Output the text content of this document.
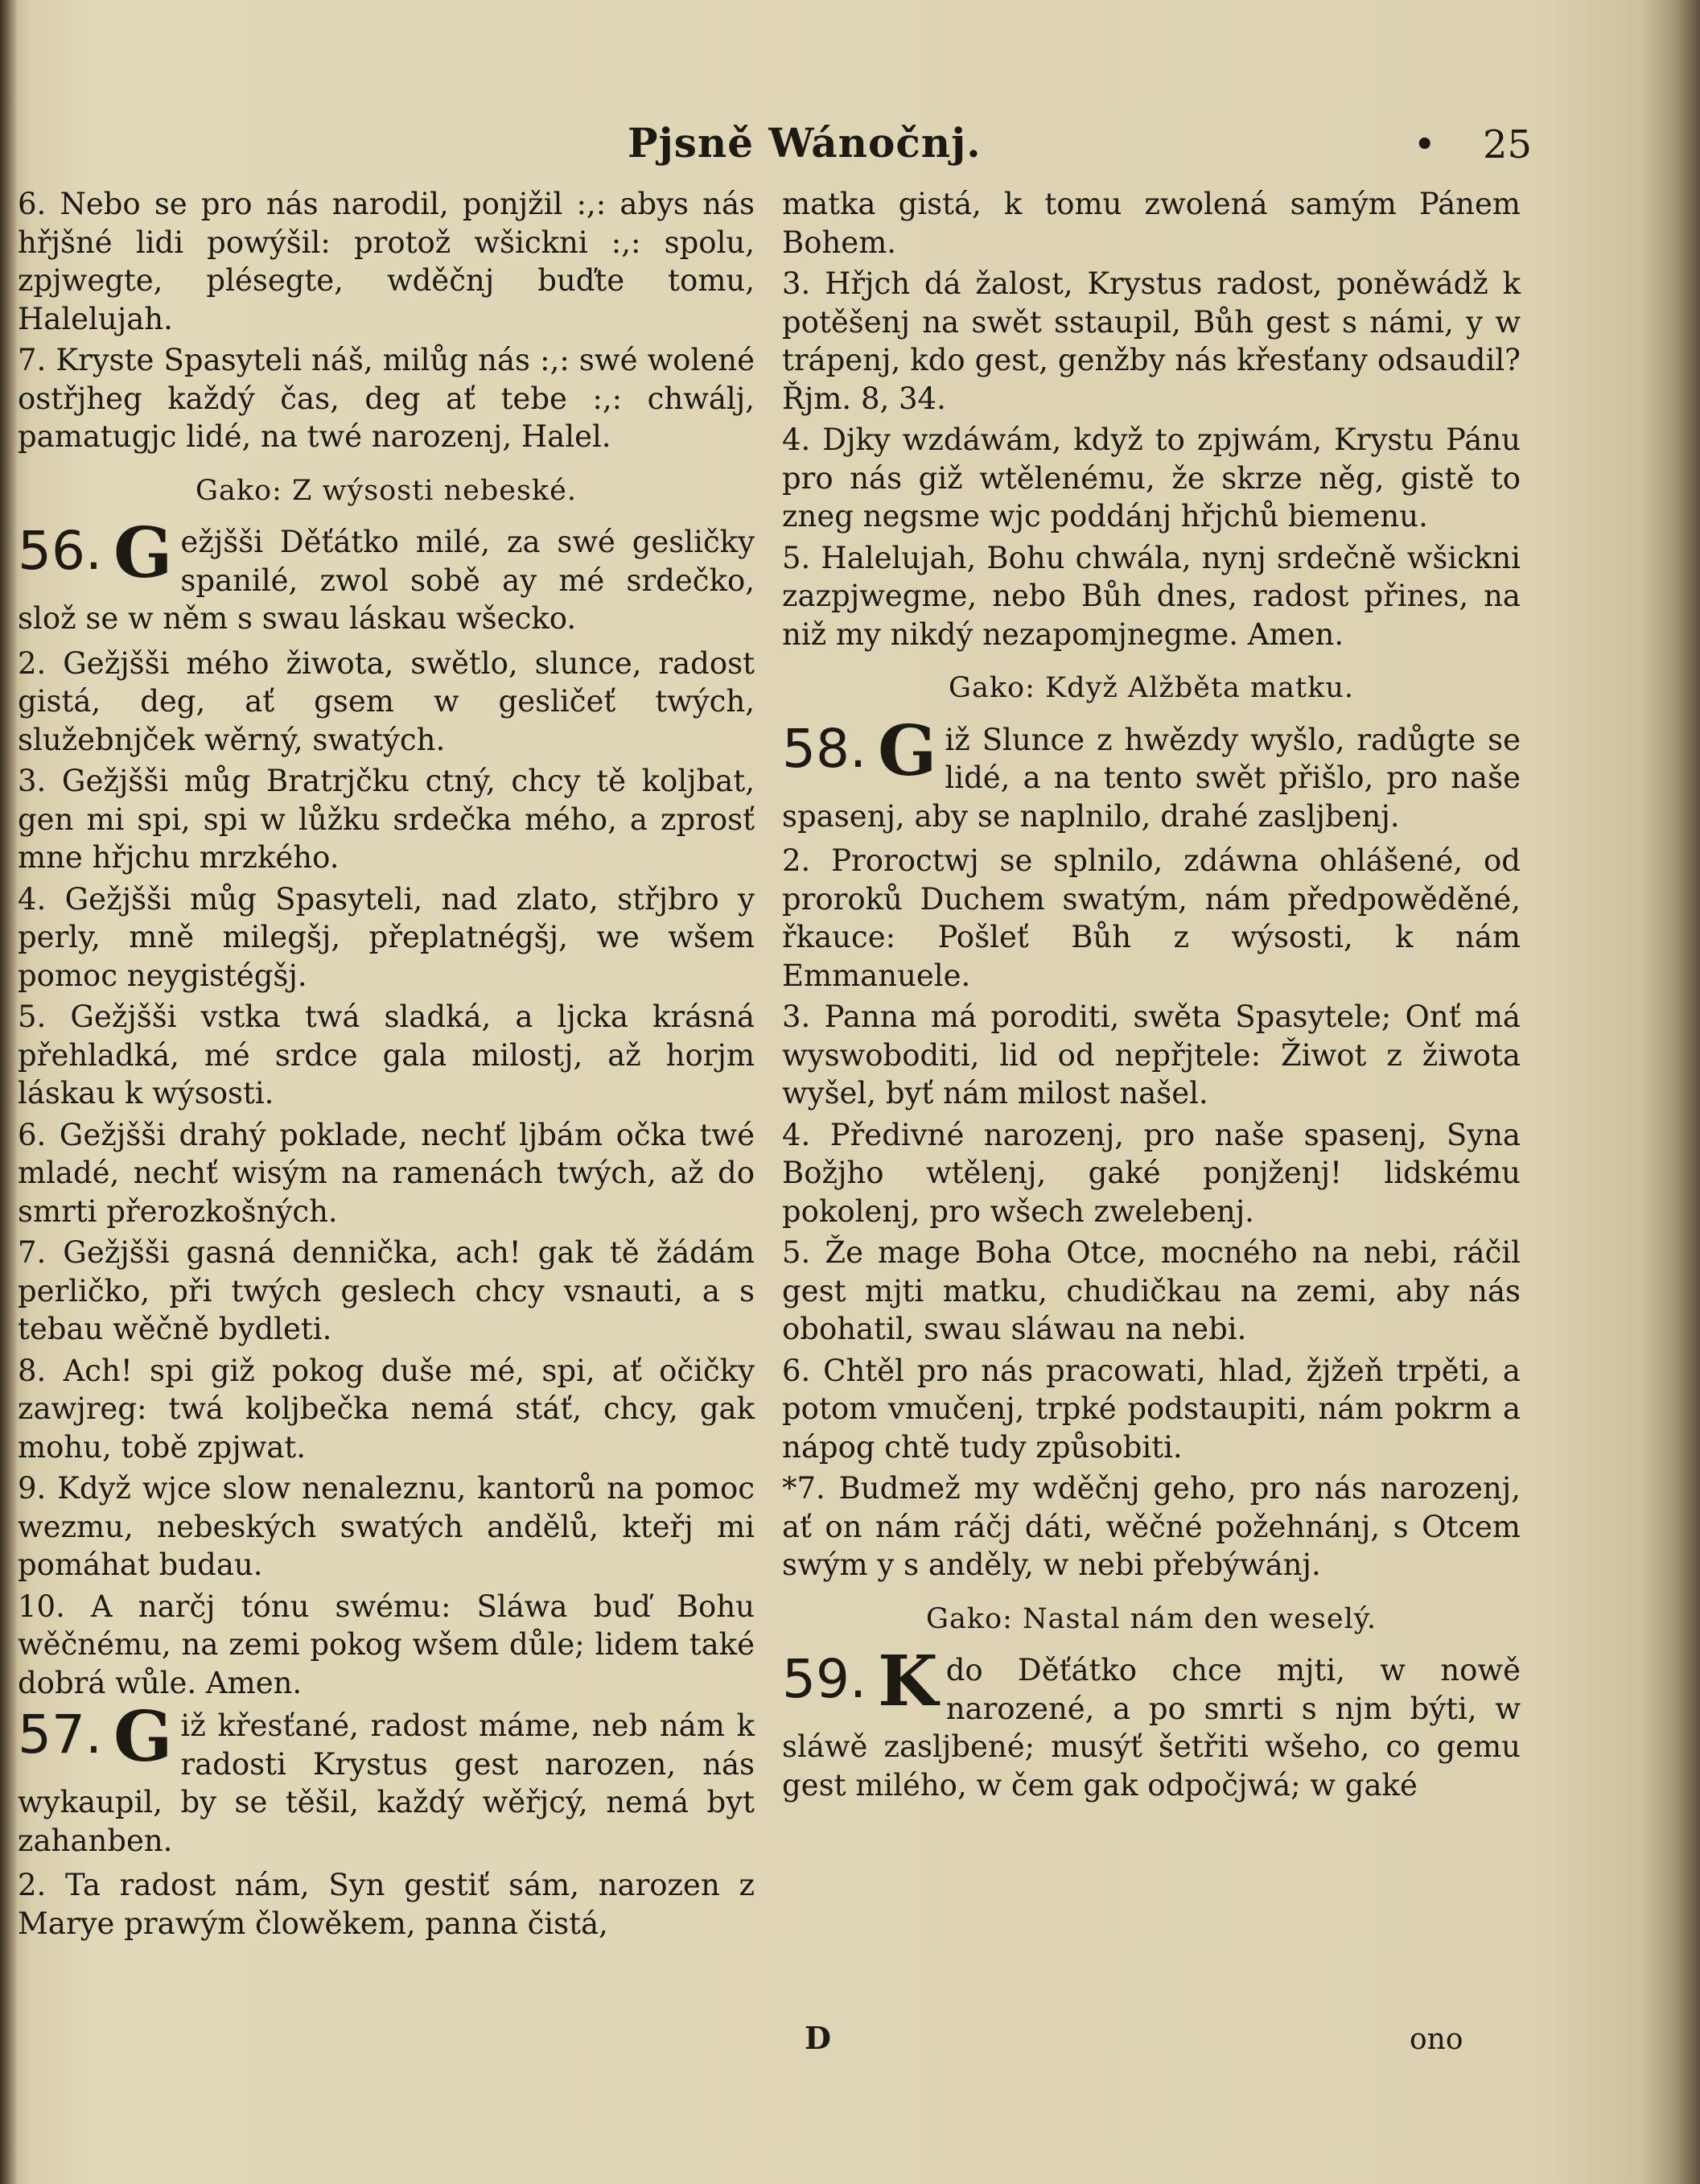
Pjsně Wánočnj.	• 25

6. Nebo se pro nás narodil, ponjžil :,: abys nás hřjšné lidi powýšil: protož wšickni :,: spolu, zpjwegte, plésegte, wděčnj buďte tomu, Halelujah.

7. Kryste Spasyteli náš, milůg nás :,: swé wolené ostřjheg každý čas, deg ať tebe :,: chwálj, pamatugjc lidé, na twé narozenj, Halel.

Gako: Z wýsosti nebeské.
56. G ežjšši Děťátko milé, za swé gesličky spanilé, zwol sobě ay mé srdečko, slož se w něm s swau láskau wšecko.

2. Gežjšši mého žiwota, swětlo, slunce, radost gistá, deg, ať gsem w gesličeť twých, služebnjček wěrný, swatých.

3. Gežjšši můg Bratrjčku ctný, chcy tě koljbat, gen mi spi, spi w lůžku srdečka mého, a zprosť mne hřjchu mrzkého.

4. Gežjšši můg Spasyteli, nad zlato, střjbro y perly, mně milegšj, přeplatnégšj, we wšem pomoc neygistégšj.

5. Gežjšši vstka twá sladká, a ljcka krásná přehladká, mé srdce gala milostj, až horjm láskau k wýsosti.

6. Gežjšši drahý poklade, nechť ljbám očka twé mladé, nechť wisým na ramenách twých, až do smrti přerozkošných.

7. Gežjšši gasná dennička, ach! gak tě žádám perličko, při twých geslech chcy vsnauti, a s tebau wěčně bydleti.

8. Ach! spi giž pokog duše mé, spi, ať očičky zawjreg: twá koljbečka nemá stáť, chcy, gak mohu, tobě zpjwat.

9. Když wjce slow nenaleznu, kantorů na pomoc wezmu, nebeských swatých andělů, kteřj mi pomáhat budau.

10. A narčj tónu swému: Sláwa buď Bohu wěčnému, na zemi pokog wšem důle; lidem také dobrá wůle. Amen.

57. G iž křesťané, radost máme, neb nám k radosti Krystus gest narozen, nás wykaupil, by se těšil, každý wěřjcý, nemá byt zahanben.

2. Ta radost nám, Syn gestiť sám, narozen z Marye prawým člowěkem, panna čistá,

matka gistá, k tomu zwolená samým Pánem Bohem.

3. Hřjch dá žalost, Krystus radost, poněwádž k potěšenj na swět sstaupil, Bůh gest s námi, y w trápenj, kdo gest, genžby nás křesťany odsaudil? Řjm. 8, 34.

4. Djky wzdáwám, když to zpjwám, Krystu Pánu pro nás giž wtělenému, že skrze něg, gistě to zneg negsme wjc poddánj hřjchů biemenu.

5. Halelujah, Bohu chwála, nynj srdečně wšickni zazpjwegme, nebo Bůh dnes, radost přines, na niž my nikdý nezapomjnegme. Amen.

Gako: Když Alžběta matku.
58. G iž Slunce z hwězdy wyšlo, radůgte se lidé, a na tento swět přišlo, pro naše spasenj, aby se naplnilo, drahé zasljbenj.

2. Proroctwj se splnilo, zdáwna ohlášené, od proroků Duchem swatým, nám předpowěděné, řkauce: Pošleť Bůh z wýsosti, k nám Emmanuele.

3. Panna má poroditi, swěta Spasytele; Onť má wyswoboditi, lid od nepřjtele: Žiwot z žiwota wyšel, byť nám milost našel.

4. Předivné narozenj, pro naše spasenj, Syna Božjho wtělenj, gaké ponjženj! lidskému pokolenj, pro wšech zwelebenj.

5. Že mage Boha Otce, mocného na nebi, ráčil gest mjti matku, chudičkau na zemi, aby nás obohatil, swau sláwau na nebi.

6. Chtěl pro nás pracowati, hlad, žjžeň trpěti, a potom vmučenj, trpké podstaupiti, nám pokrm a nápog chtě tudy způsobiti.

*7. Budmež my wděčnj geho, pro nás narozenj, ať on nám ráčj dáti, wěčné požehnánj, s Otcem swým y s anděly, w nebi přebýwánj.

Gako: Nastal nám den weselý.
59. K do Děťátko chce mjti, w nowě narozené, a po smrti s njm býti, w sláwě zasljbené; musýť šetřiti wšeho, co gemu gest milého, w čem gak odpočjwá; w gaké
D	ono
